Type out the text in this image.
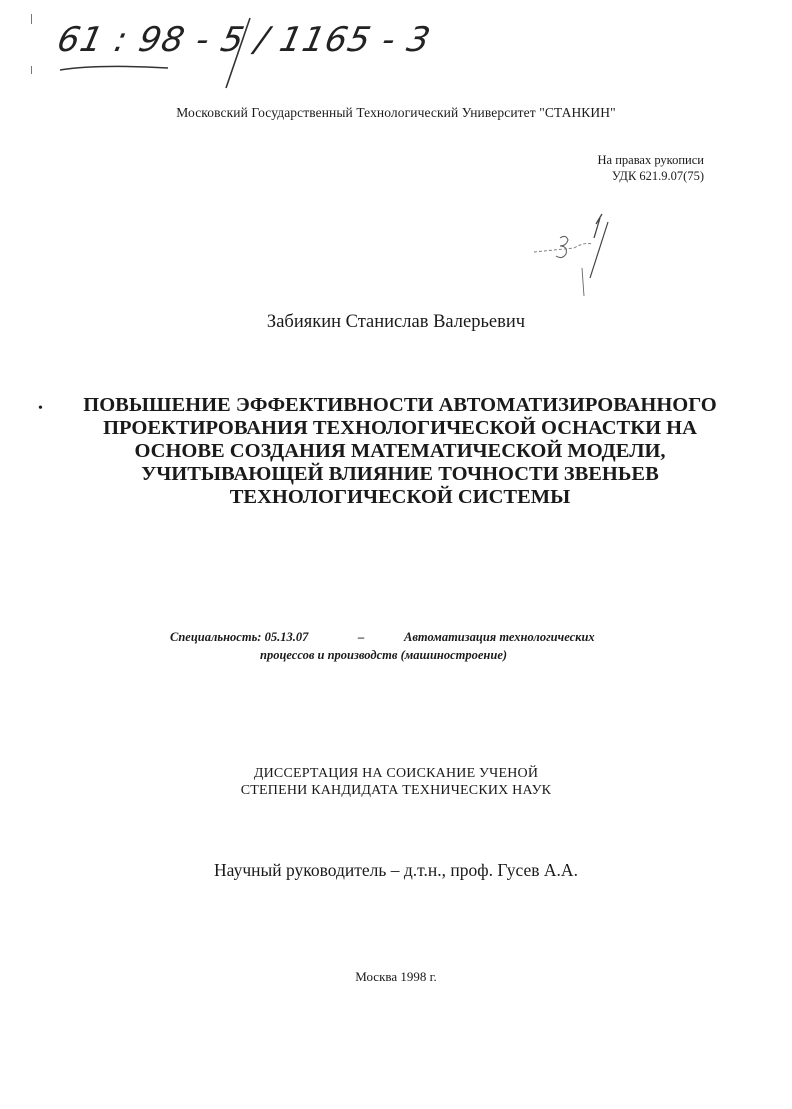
61 : 98 - 5 / 1165 - 3
Московский Государственный Технологический Университет "СТАНКИН"
На правах рукописи
УДК 621.9.07(75)
Забиякин Станислав Валерьевич
•	ПОВЫШЕНИЕ ЭФФЕКТИВНОСТИ АВТОМАТИЗИРОВАННОГО
ПРОЕКТИРОВАНИЯ ТЕХНОЛОГИЧЕСКОЙ ОСНАСТКИ НА
ОСНОВЕ СОЗДАНИЯ МАТЕМАТИЧЕСКОЙ МОДЕЛИ,
УЧИТЫВАЮЩЕЙ ВЛИЯНИЕ ТОЧНОСТИ ЗВЕНЬЕВ
ТЕХНОЛОГИЧЕСКОЙ СИСТЕМЫ
Специальность: 05.13.07	–	Автоматизация технологических
процессов и производств (машиностроение)
ДИССЕРТАЦИЯ НА СОИСКАНИЕ УЧЕНОЙ
СТЕПЕНИ КАНДИДАТА ТЕХНИЧЕСКИХ НАУК
Научный руководитель – д.т.н., проф. Гусев А.А.
Москва 1998 г.
